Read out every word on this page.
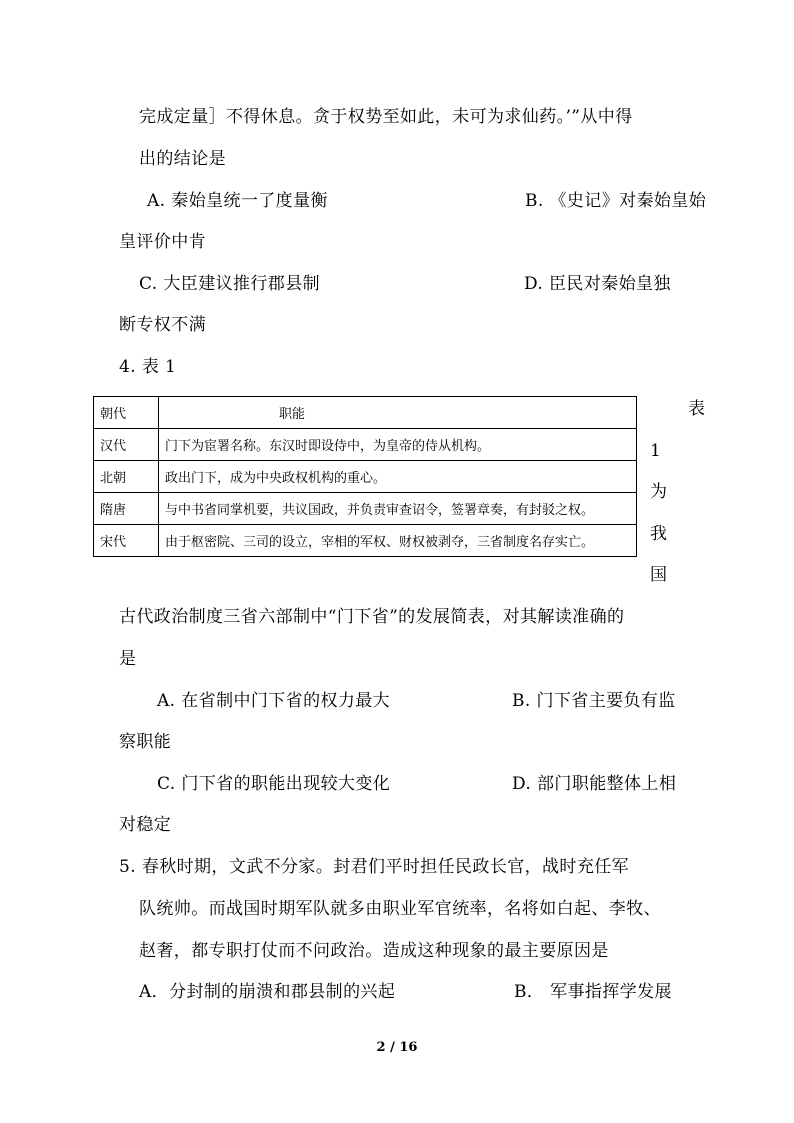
完成定量］不得休息。贪于权势至如此，未可为求仙药。’”从中得
出的结论是
A. 秦始皇统一了度量衡	B. 《史记》对秦始皇始
皇评价中肯
C. 大臣建议推行郡县制	D. 臣民对秦始皇独
断专权不满
4. 表 1
朝代	职能
汉代	门下为宦署名称。东汉时即设侍中，为皇帝的侍从机构。
北朝	政出门下，成为中央政权机构的重心。
隋唐	与中书省同掌机要，共议国政，并负责审查诏令，签署章奏，有封驳之权。
宋代	由于枢密院、三司的设立，宰相的军权、财权被剥夺，三省制度名存实亡。
表
1
为
我
国
古代政治制度三省六部制中“门下省”的发展简表，对其解读准确的
是
A. 在省制中门下省的权力最大	B. 门下省主要负有监
察职能
C. 门下省的职能出现较大变化	D. 部门职能整体上相
对稳定
5. 春秋时期，文武不分家。封君们平时担任民政长官，战时充任军
队统帅。而战国时期军队就多由职业军官统率，名将如白起、李牧、
赵奢，都专职打仗而不问政治。造成这种现象的最主要原因是
A．分封制的崩溃和郡县制的兴起	B． 军事指挥学发展
2 / 16
